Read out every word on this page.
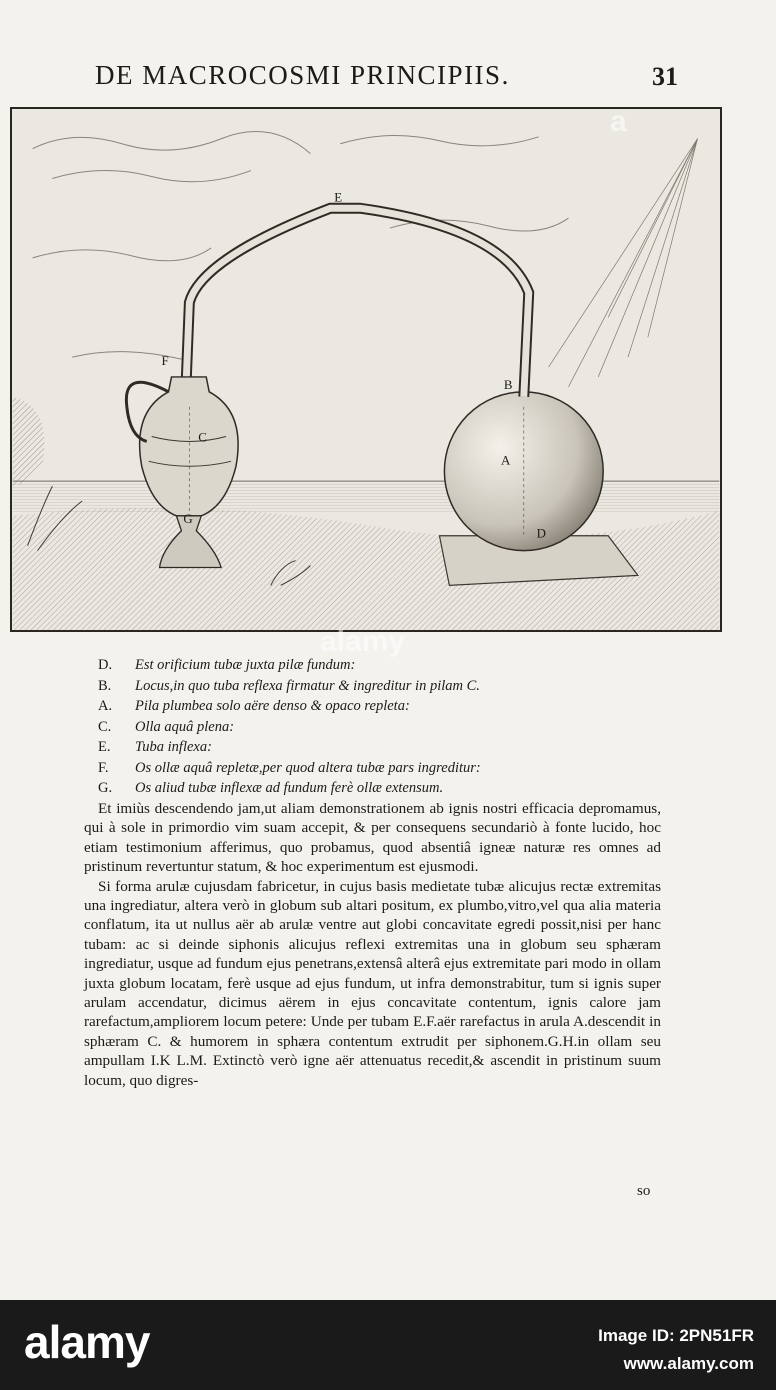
DE MACROCOSMI PRINCIPIIS.	31
E
F
B
C
A
G
D
D.	Est orificium tubæ juxta pilæ fundum:
B.	Locus,in quo tuba reflexa firmatur & ingreditur in pilam C.
A.	Pila plumbea solo aëre denso & opaco repleta:
C.	Olla aquâ plena:
E.	Tuba inflexa:
F.	Os ollæ aquâ repletæ,per quod altera tubæ pars ingreditur:
G.	Os aliud tubæ inflexæ ad fundum ferè ollæ extensum.

Et imiùs descendendo jam,ut aliam demonstrationem ab ignis nostri efficacia depromamus, qui à sole in primordio vim suam accepit, & per consequens secundariò à fonte lucido, hoc etiam testimonium afferimus, quo probamus, quod absentiâ igneæ naturæ res omnes ad pristinum revertuntur statum, & hoc experimentum est ejusmodi.

Si forma arulæ cujusdam fabricetur, in cujus basis medietate tubæ alicujus rectæ extremitas una ingrediatur, altera verò in globum sub altari positum, ex plumbo,vitro,vel qua alia materia conflatum, ita ut nullus aër ab arulæ ventre aut globi concavitate egredi possit,nisi per hanc tubam: ac si deinde siphonis alicujus reflexi extremitas una in globum seu sphæram ingrediatur, usque ad fundum ejus penetrans,extensâ alterâ ejus extremitate pari modo in ollam juxta globum locatam, ferè usque ad ejus fundum, ut infra demonstrabitur, tum si ignis super arulam accendatur, dicimus aërem in ejus concavitate contentum, ignis calore jam rarefactum,ampliorem locum petere: Unde per tubam E.F.aër rarefactus in arula A.descendit in sphæram C. & humorem in sphæra contentum extrudit per siphonem.G.H.in ollam seu ampullam I.K L.M. Extinctò verò igne aër attenuatus recedit,& ascendit in pristinum suum locum, quo digres-

so
alamy
a
alamy	Image ID: 2PN51FR
www.alamy.com
